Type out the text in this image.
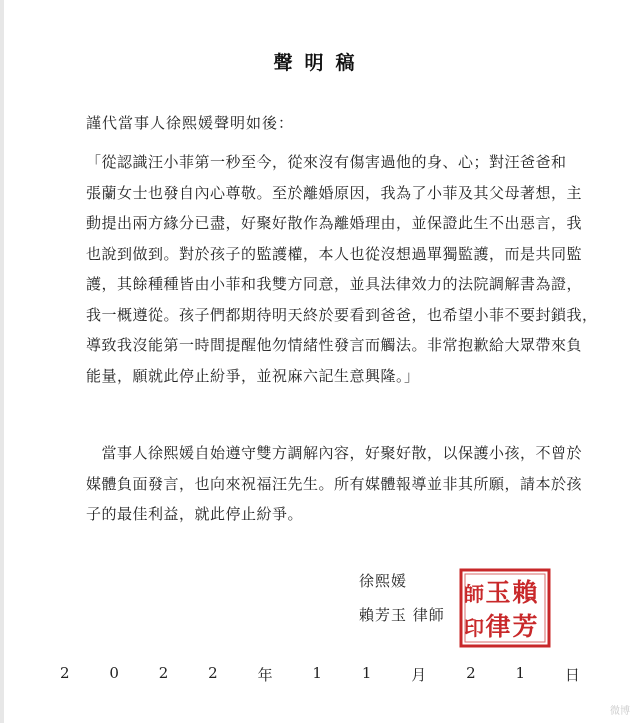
聲明稿
謹代當事人徐熙媛聲明如後：
「從認識汪小菲第一秒至今，從來沒有傷害過他的身、心；對汪爸爸和
張蘭女士也發自內心尊敬。至於離婚原因，我為了小菲及其父母著想，主
動提出兩方緣分已盡，好聚好散作為離婚理由，並保證此生不出惡言，我
也說到做到。對於孩子的監護權，本人也從沒想過單獨監護，而是共同監
護，其餘種種皆由小菲和我雙方同意，並具法律效力的法院調解書為證，
我一概遵從。孩子們都期待明天終於要看到爸爸，也希望小菲不要封鎖我，
導致我沒能第一時間提醒他勿情緒性發言而觸法。非常抱歉給大眾帶來負
能量，願就此停止紛爭，並祝麻六記生意興隆。」
　當事人徐熙媛自始遵守雙方調解內容，好聚好散，以保護小孩，不曾於
媒體負面發言，也向來祝福汪先生。所有媒體報導並非其所願，請本於孩
子的最佳利益，就此停止紛爭。
徐熙媛
賴芳玉 律師
賴
芳
玉
律
師
印
2	0	2	2	年	1	1	月	2	1	日
微博
